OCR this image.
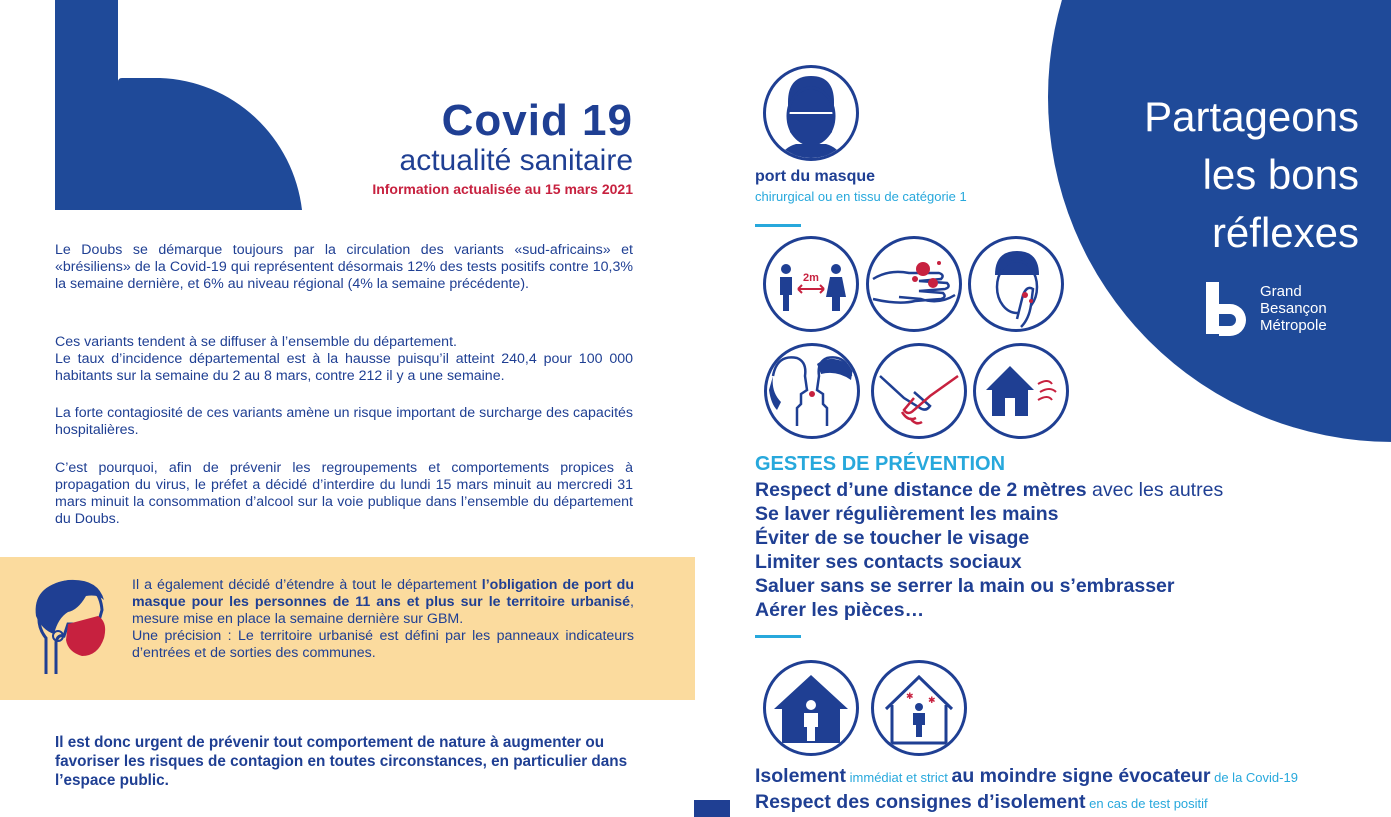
Covid 19
actualité sanitaire
Information actualisée au 15 mars 2021
Le Doubs se démarque toujours par la circulation des variants «sud-africains» et «brésiliens» de la Covid-19 qui représentent désormais 12% des tests positifs contre 10,3% la semaine dernière, et 6% au niveau régional (4% la semaine précédente).
Ces variants tendent à se diffuser à l’ensemble du département.
Le taux d’incidence départemental est à la hausse puisqu’il atteint 240,4 pour 100 000 habitants sur la semaine du 2 au 8 mars, contre 212 il y a une semaine.
La forte contagiosité de ces variants amène un risque important de surcharge des capacités hospitalières.
C’est pourquoi, afin de prévenir les regroupements et comportements propices à propagation du virus, le préfet a décidé d’interdire du lundi 15 mars minuit au mercredi 31 mars minuit la consommation d’alcool sur la voie publique dans l’ensemble du département du Doubs.
Il a également décidé d’étendre à tout le département l’obligation de port du masque pour les personnes de 11 ans et plus sur le territoire urbanisé, mesure mise en place la semaine dernière sur GBM.
Une précision : Le territoire urbanisé est défini par les panneaux indicateurs d’entrées et de sorties des communes.
Il est donc urgent de prévenir tout comportement de nature à augmenter ou favoriser les risques de contagion en toutes circonstances, en particulier dans l’espace public.
Partageons
les bons
réflexes
Grand
Besançon
Métropole
port du masque
chirurgical ou en tissu de catégorie 1
2m
GESTES DE PRÉVENTION
Respect d’une distance de 2 mètres avec les autres
Se laver régulièrement les mains
Éviter de se toucher le visage
Limiter ses contacts sociaux
Saluer sans se serrer la main ou s’embrasser
Aérer les pièces…
✱ ✱
Isolement immédiat et strict au moindre signe évocateur de la Covid-19
Respect des consignes d’isolement en cas de test positif
